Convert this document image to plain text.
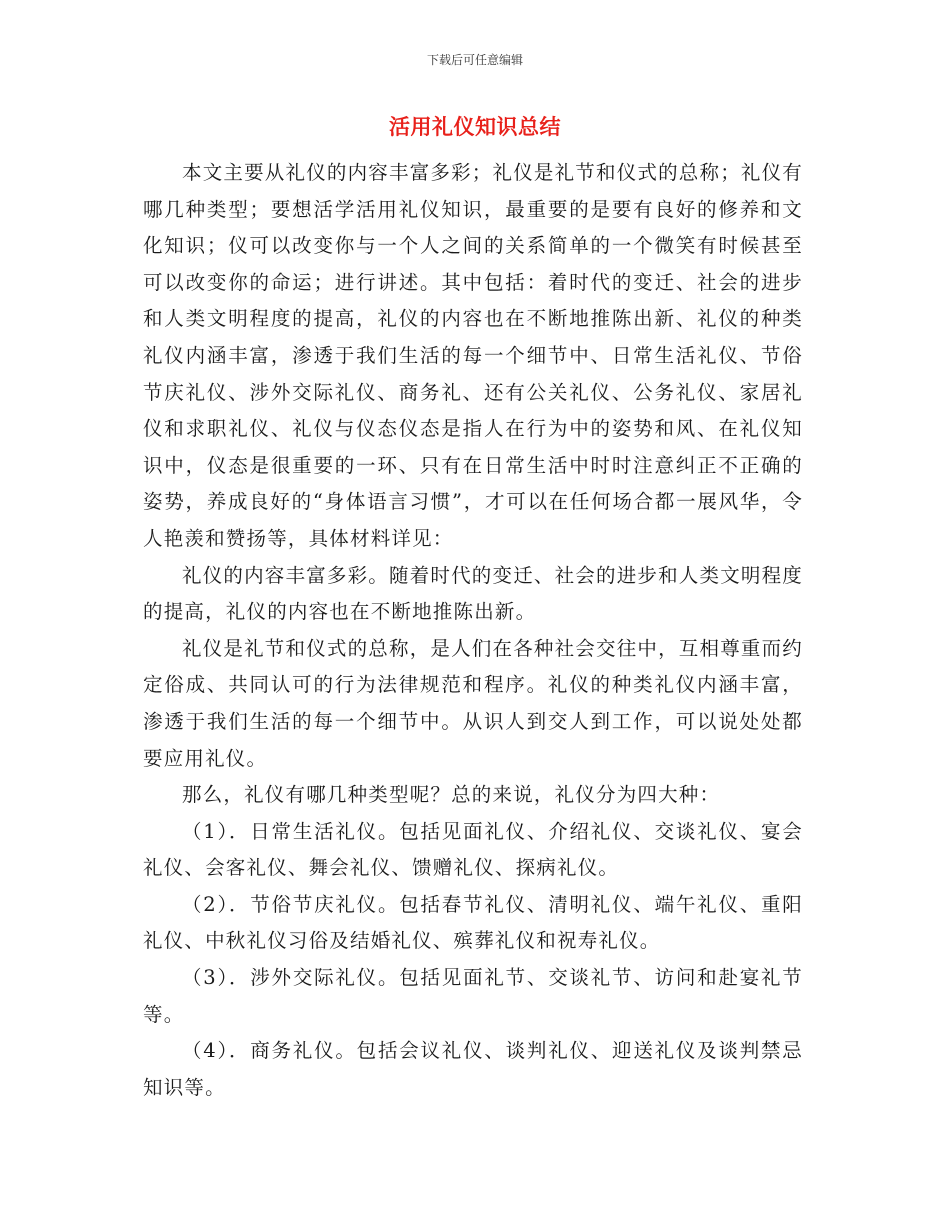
下载后可任意编辑
活用礼仪知识总结

本文主要从礼仪的内容丰富多彩；礼仪是礼节和仪式的总称；礼仪有哪几种类型；要想活学活用礼仪知识，最重要的是要有良好的修养和文化知识；仪可以改变你与一个人之间的关系简单的一个微笑有时候甚至可以改变你的命运；进行讲述。其中包括：着时代的变迁、社会的进步和人类文明程度的提高，礼仪的内容也在不断地推陈出新、礼仪的种类礼仪内涵丰富，渗透于我们生活的每一个细节中、日常生活礼仪、节俗节庆礼仪、涉外交际礼仪、商务礼、还有公关礼仪、公务礼仪、家居礼仪和求职礼仪、礼仪与仪态仪态是指人在行为中的姿势和风、在礼仪知识中，仪态是很重要的一环、只有在日常生活中时时注意纠正不正确的姿势，养成良好的“身体语言习惯”，才可以在任何场合都一展风华，令人艳羡和赞扬等，具体材料详见：

礼仪的内容丰富多彩。随着时代的变迁、社会的进步和人类文明程度的提高，礼仪的内容也在不断地推陈出新。

礼仪是礼节和仪式的总称，是人们在各种社会交往中，互相尊重而约定俗成、共同认可的行为法律规范和程序。礼仪的种类礼仪内涵丰富，渗透于我们生活的每一个细节中。从识人到交人到工作，可以说处处都要应用礼仪。

那么，礼仪有哪几种类型呢？总的来说，礼仪分为四大种：

（1）．日常生活礼仪。包括见面礼仪、介绍礼仪、交谈礼仪、宴会礼仪、会客礼仪、舞会礼仪、馈赠礼仪、探病礼仪。

（2）．节俗节庆礼仪。包括春节礼仪、清明礼仪、端午礼仪、重阳礼仪、中秋礼仪习俗及结婚礼仪、殡葬礼仪和祝寿礼仪。

（3）．涉外交际礼仪。包括见面礼节、交谈礼节、访问和赴宴礼节等。

（4）．商务礼仪。包括会议礼仪、谈判礼仪、迎送礼仪及谈判禁忌知识等。
